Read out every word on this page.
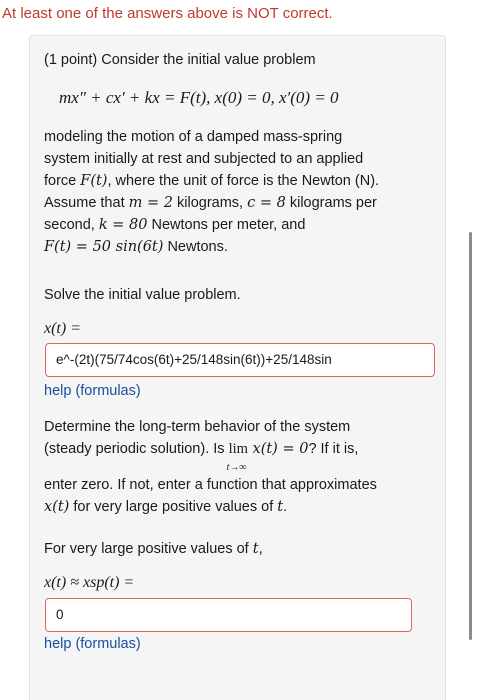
At least one of the answers above is NOT correct.

(1 point) Consider the initial value problem

mx″ + cx′ + kx = F(t), x(0) = 0, x′(0) = 0
modeling the motion of a damped mass-spring
system initially at rest and subjected to an applied
force F(t), where the unit of force is the Newton (N).
Assume that m = 2 kilograms, c = 8 kilograms per
second, k = 80 Newtons per meter, and
F(t) = 50 sin(6t) Newtons.

Solve the initial value problem.

x(t) =
e^-(2t)(75/74cos(6t)+25/148sin(6t))+25/148sin
help (formulas)
Determine the long-term behavior of the system
(steady periodic solution). Is lim
t→∞
x(t) = 0? If it is,
enter zero. If not, enter a function that approximates
x(t) for very large positive values of t.
For very large positive values of t,
x(t) ≈ xsp(t) =
0
help (formulas)
